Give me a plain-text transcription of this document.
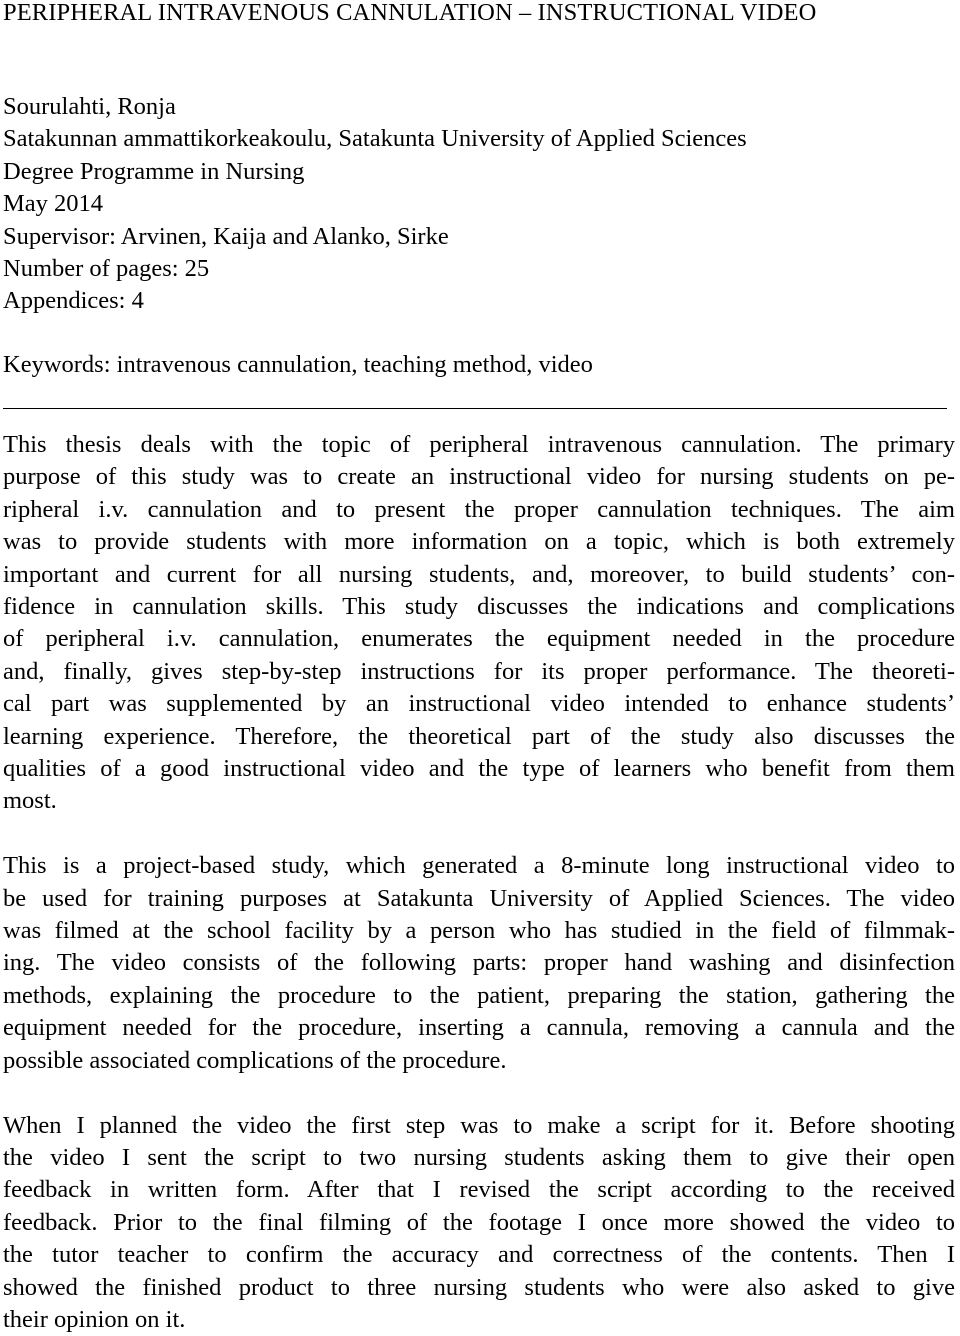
PERIPHERAL INTRAVENOUS CANNULATION – INSTRUCTIONAL VIDEO
Sourulahti, Ronja
Satakunnan ammattikorkeakoulu, Satakunta University of Applied Sciences
Degree Programme in Nursing
May 2014
Supervisor: Arvinen, Kaija and Alanko, Sirke
Number of pages: 25
Appendices: 4
Keywords: intravenous cannulation, teaching method, video
This thesis deals with the topic of peripheral intravenous cannulation. The primary
purpose of this study was to create an instructional video for nursing students on pe-
ripheral i.v. cannulation and to present the proper cannulation techniques. The aim
was to provide students with more information on a topic, which is both extremely
important and current for all nursing students, and, moreover, to build students’ con-
fidence in cannulation skills. This study discusses the indications and complications
of peripheral i.v. cannulation, enumerates the equipment needed in the procedure
and, finally, gives step-by-step instructions for its proper performance. The theoreti-
cal part was supplemented by an instructional video intended to enhance students’
learning experience. Therefore, the theoretical part of the study also discusses the
qualities of a good instructional video and the type of learners who benefit from them
most.
This is a project-based study, which generated a 8-minute long instructional video to
be used for training purposes at Satakunta University of Applied Sciences. The video
was filmed at the school facility by a person who has studied in the field of filmmak-
ing. The video consists of the following parts: proper hand washing and disinfection
methods, explaining the procedure to the patient, preparing the station, gathering the
equipment needed for the procedure, inserting a cannula, removing a cannula and the
possible associated complications of the procedure.
When I planned the video the first step was to make a script for it. Before shooting
the video I sent the script to two nursing students asking them to give their open
feedback in written form. After that I revised the script according to the received
feedback. Prior to the final filming of the footage I once more showed the video to
the tutor teacher to confirm the accuracy and correctness of the contents. Then I
showed the finished product to three nursing students who were also asked to give
their opinion on it.
